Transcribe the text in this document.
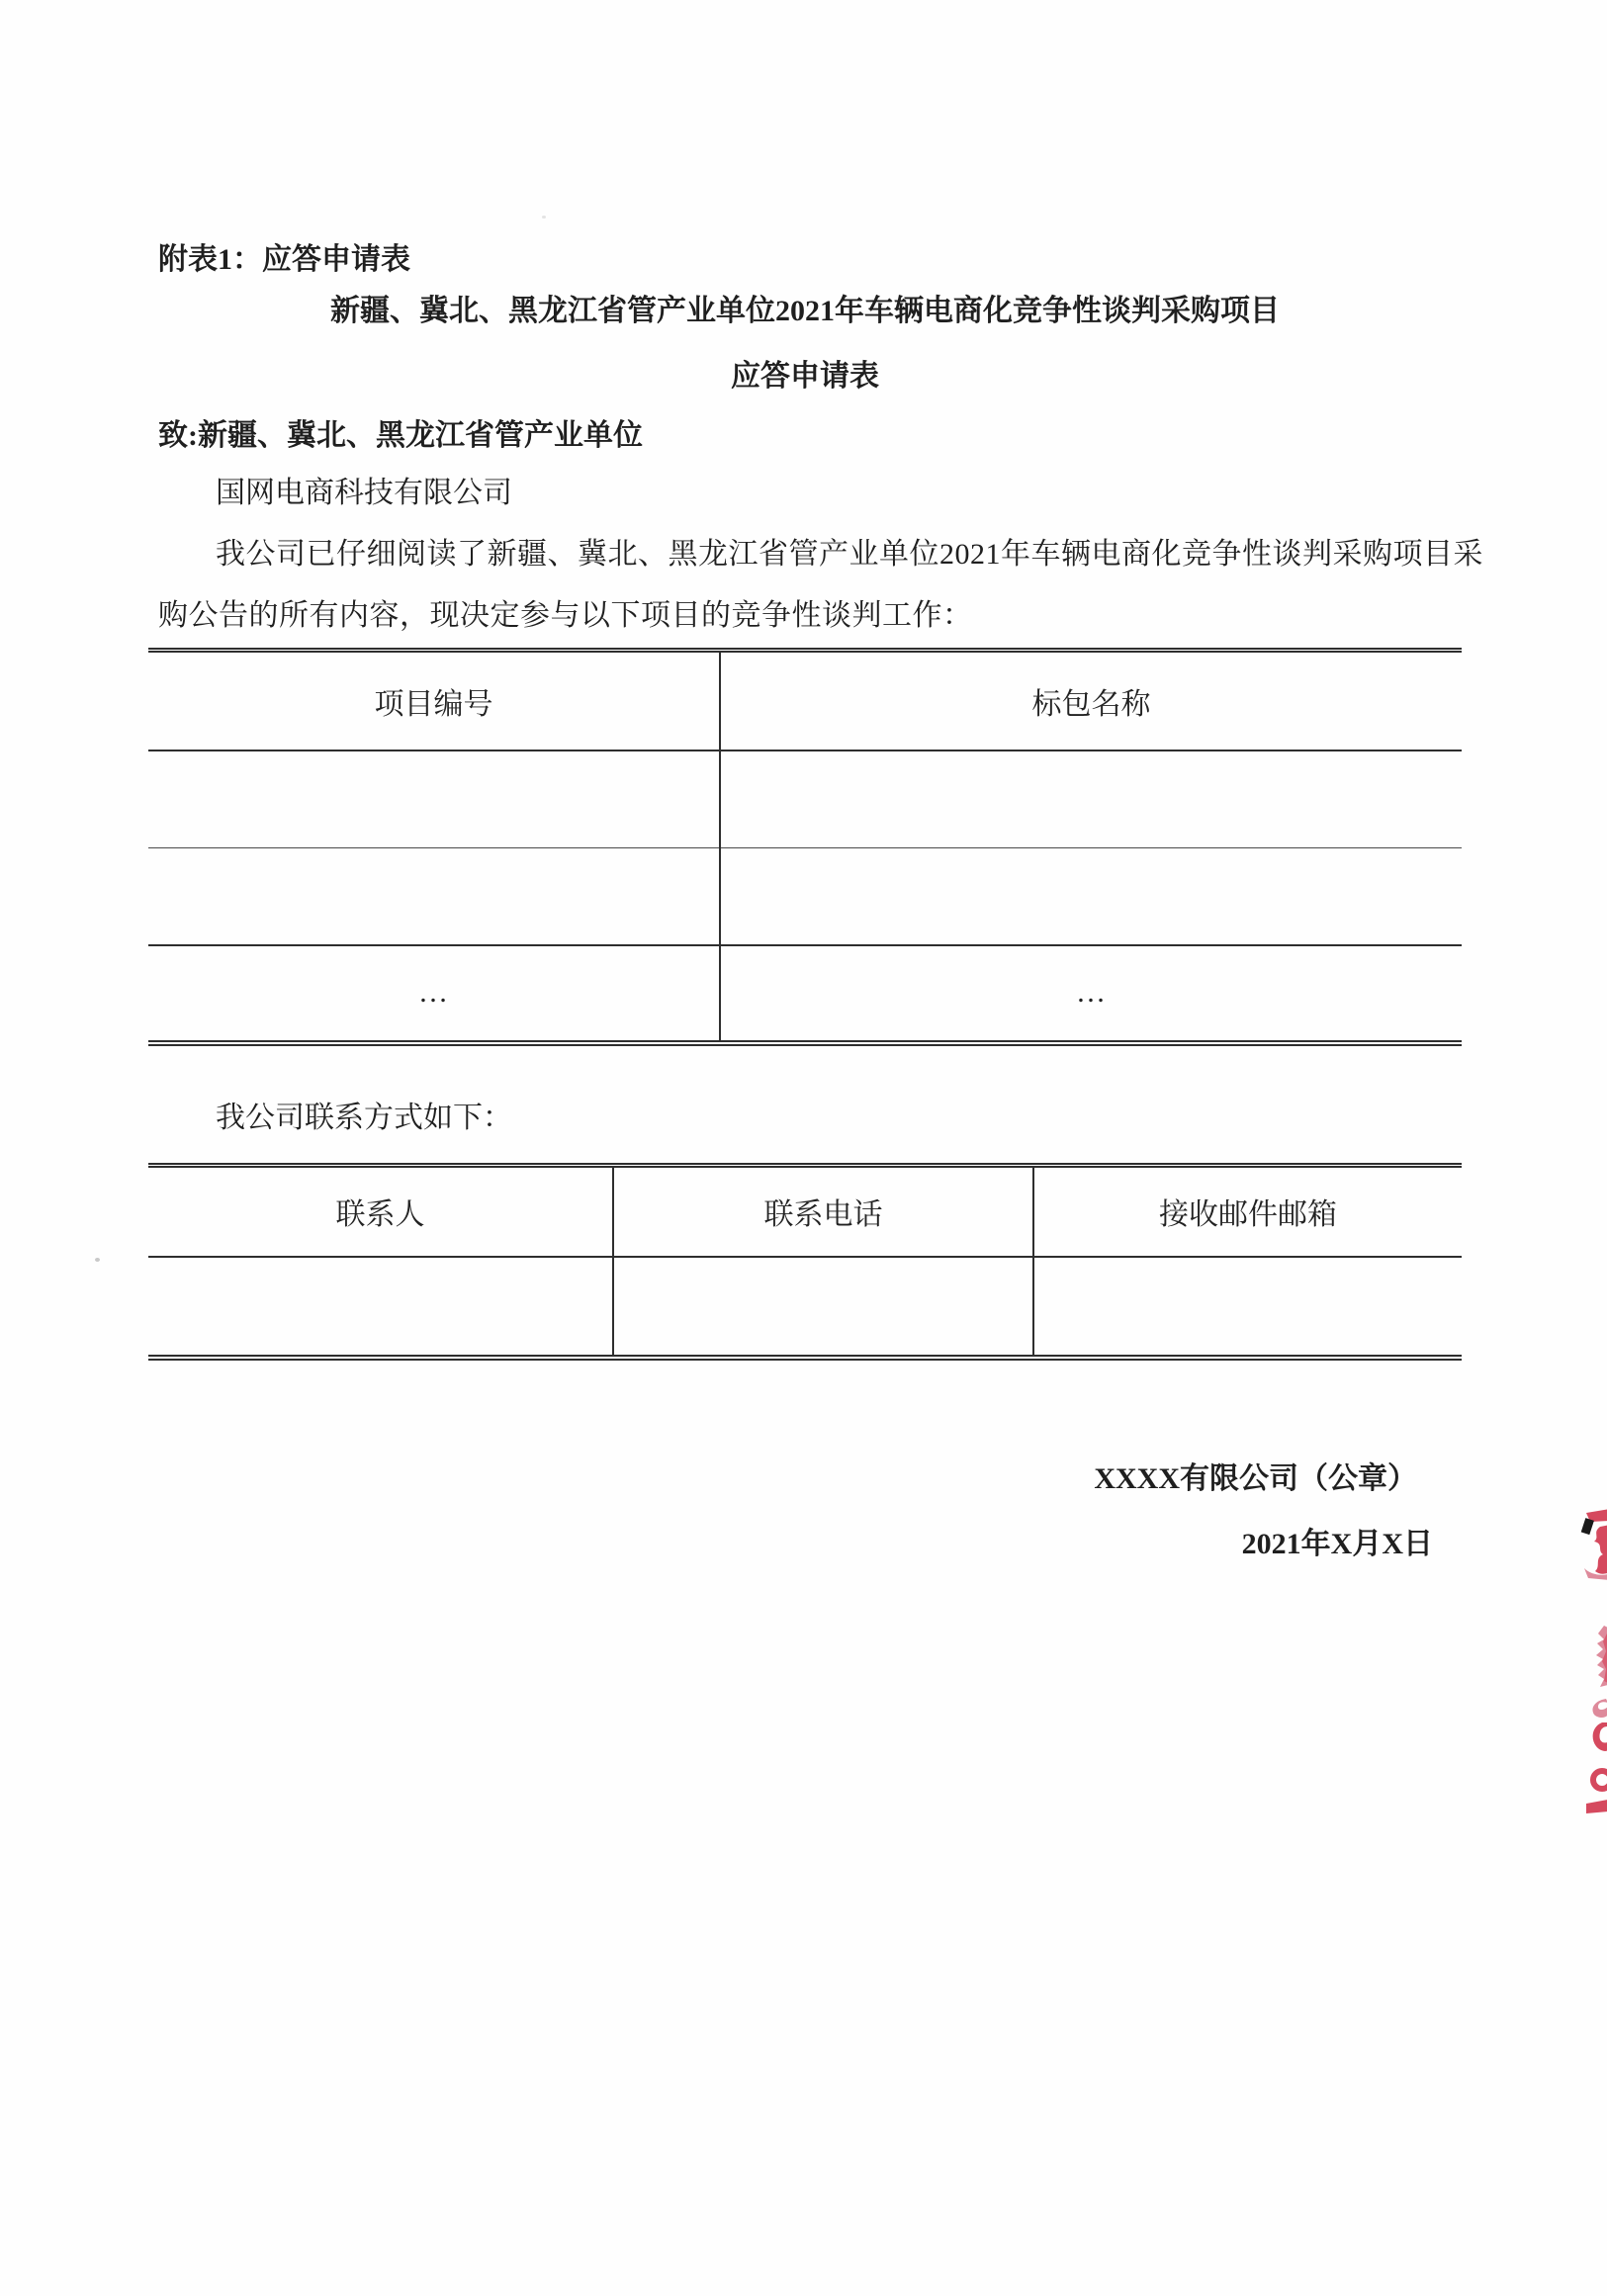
附表1：应答申请表
新疆、冀北、黑龙江省管产业单位2021年车辆电商化竞争性谈判采购项目
应答申请表
致:新疆、冀北、黑龙江省管产业单位
国网电商科技有限公司
我公司已仔细阅读了新疆、冀北、黑龙江省管产业单位2021年车辆电商化竞争性谈判采购项目采
购公告的所有内容，现决定参与以下项目的竞争性谈判工作：
项目编号	标包名称

…	…
我公司联系方式如下：
联系人	联系电话	接收邮件邮箱

XXXX有限公司（公章）
2021年X月X日
